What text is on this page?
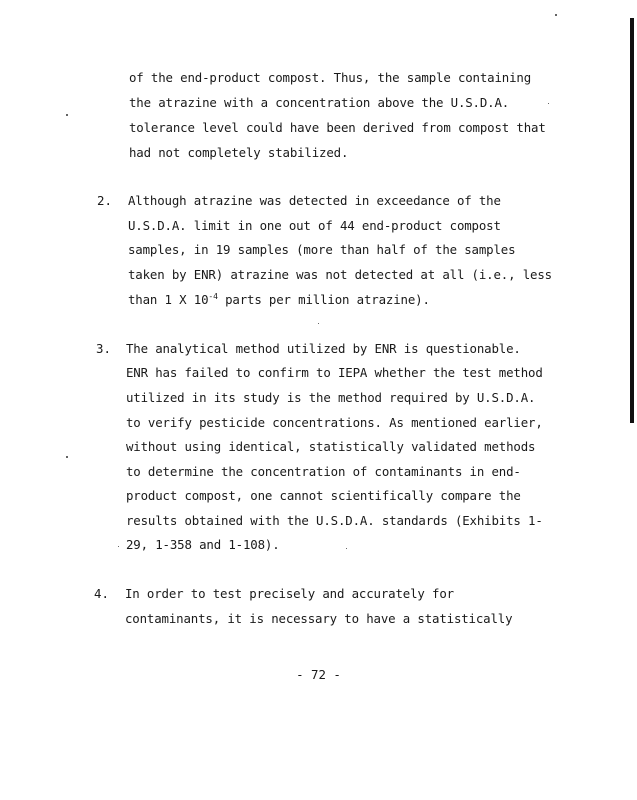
of the end-product compost. Thus, the sample containing
the atrazine with a concentration above the U.S.D.A.
tolerance level could have been derived from compost that
had not completely stabilized.
2. Although atrazine was detected in exceedance of the
U.S.D.A. limit in one out of 44 end-product compost
samples, in 19 samples (more than half of the samples
taken by ENR) atrazine was not detected at all (i.e., less
than 1 X $10^{-4}$ parts per million atrazine).
3. The analytical method utilized by ENR is questionable.
ENR has failed to confirm to IEPA whether the test method
utilized in its study is the method required by U.S.D.A.
to verify pesticide concentrations. As mentioned earlier,
without using identical, statistically validated methods
to determine the concentration of contaminants in end-
product compost, one cannot scientifically compare the
results obtained with the U.S.D.A. standards (Exhibits 1-
29, 1-358 and 1-108).
4. In order to test precisely and accurately for
contaminants, it is necessary to have a statistically
- 72 -
